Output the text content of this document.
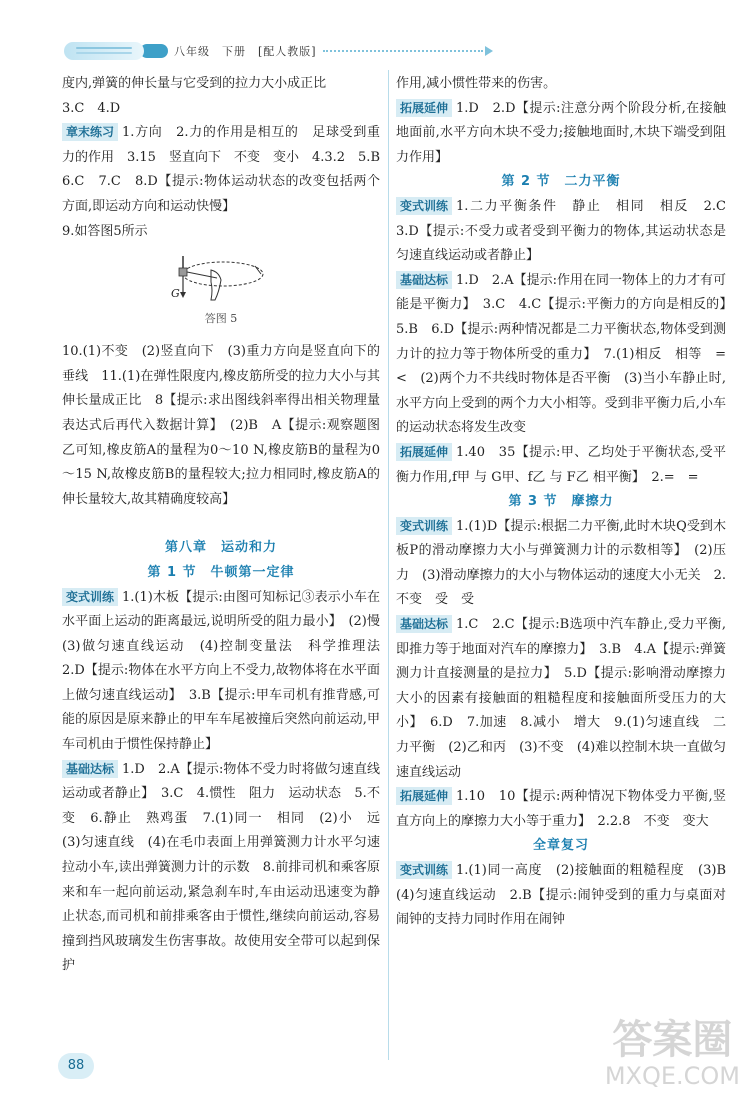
八年级　下册　[配人教版]
度内,弹簧的伸长量与它受到的拉力大小成正比
3.C　4.D
章末练习 1.方向　2.力的作用是相互的　足球受到重力的作用　3.15　竖直向下　不变　变小　4.3.2　5.B　6.C　7.C　8.D【提示:物体运动状态的改变包括两个方面,即运动方向和运动快慢】
9.如答图5所示
G
答图 5
10.(1)不变　(2)竖直向下　(3)重力方向是竖直向下的　垂线　11.(1)在弹性限度内,橡皮筋所受的拉力大小与其伸长量成正比　8【提示:求出图线斜率得出相关物理量表达式后再代入数据计算】　(2)B　A【提示:观察题图乙可知,橡皮筋A的量程为0～10 N,橡皮筋B的量程为0～15 N,故橡皮筋B的量程较大;拉力相同时,橡皮筋A的伸长量较大,故其精确度较高】
第八章　运动和力
第 1 节　牛顿第一定律
变式训练 1.(1)木板【提示:由图可知标记③表示小车在水平面上运动的距离最远,说明所受的阻力最小】　(2)慢　(3)做匀速直线运动　(4)控制变量法　科学推理法　2.D【提示:物体在水平方向上不受力,故物体将在水平面上做匀速直线运动】　3.B【提示:甲车司机有推背感,可能的原因是原来静止的甲车车尾被撞后突然向前运动,甲车司机由于惯性保持静止】
基础达标 1.D　2.A【提示:物体不受力时将做匀速直线运动或者静止】　3.C　4.惯性　阻力　运动状态　5.不变　6.静止　熟鸡蛋　7.(1)同一　相同　(2)小　远　(3)匀速直线　(4)在毛巾表面上用弹簧测力计水平匀速拉动小车,读出弹簧测力计的示数　8.前排司机和乘客原来和车一起向前运动,紧急刹车时,车由运动迅速变为静止状态,而司机和前排乘客由于惯性,继续向前运动,容易撞到挡风玻璃发生伤害事故。故使用安全带可以起到保护
作用,减小惯性带来的伤害。
拓展延伸 1.D　2.D【提示:注意分两个阶段分析,在接触地面前,水平方向木块不受力;接触地面时,木块下端受到阻力作用】
第 2 节　二力平衡
变式训练 1.二力平衡条件　静止　相同　相反　2.C　3.D【提示:不受力或者受到平衡力的物体,其运动状态是匀速直线运动或者静止】
基础达标 1.D　2.A【提示:作用在同一物体上的力才有可能是平衡力】　3.C　4.C【提示:平衡力的方向是相反的】　5.B　6.D【提示:两种情况都是二力平衡状态,物体受到测力计的拉力等于物体所受的重力】　7.(1)相反　相等　=　<　(2)两个力不共线时物体是否平衡　(3)当小车静止时,水平方向上受到的两个力大小相等。受到非平衡力后,小车的运动状态将发生改变
拓展延伸 1.40　35【提示:甲、乙均处于平衡状态,受平衡力作用,f甲 与 G甲、f乙 与 F乙 相平衡】　2.=　=
第 3 节　摩擦力
变式训练 1.(1)D【提示:根据二力平衡,此时木块Q受到木板P的滑动摩擦力大小与弹簧测力计的示数相等】　(2)压力　(3)滑动摩擦力的大小与物体运动的速度大小无关　2.不变　受　受
基础达标 1.C　2.C【提示:B选项中汽车静止,受力平衡,即推力等于地面对汽车的摩擦力】　3.B　4.A【提示:弹簧测力计直接测量的是拉力】　5.D【提示:影响滑动摩擦力大小的因素有接触面的粗糙程度和接触面所受压力的大小】　6.D　7.加速　8.减小　增大　9.(1)匀速直线　二力平衡　(2)乙和丙　(3)不变　(4)难以控制木块一直做匀速直线运动
拓展延伸 1.10　10【提示:两种情况下物体受力平衡,竖直方向上的摩擦力大小等于重力】　2.2.8　不变　变大
全章复习
变式训练 1.(1)同一高度　(2)接触面的粗糙程度　(3)B　(4)匀速直线运动　2.B【提示:闹钟受到的重力与桌面对闹钟的支持力同时作用在闹钟
88
答案圈
MXQE.COM
